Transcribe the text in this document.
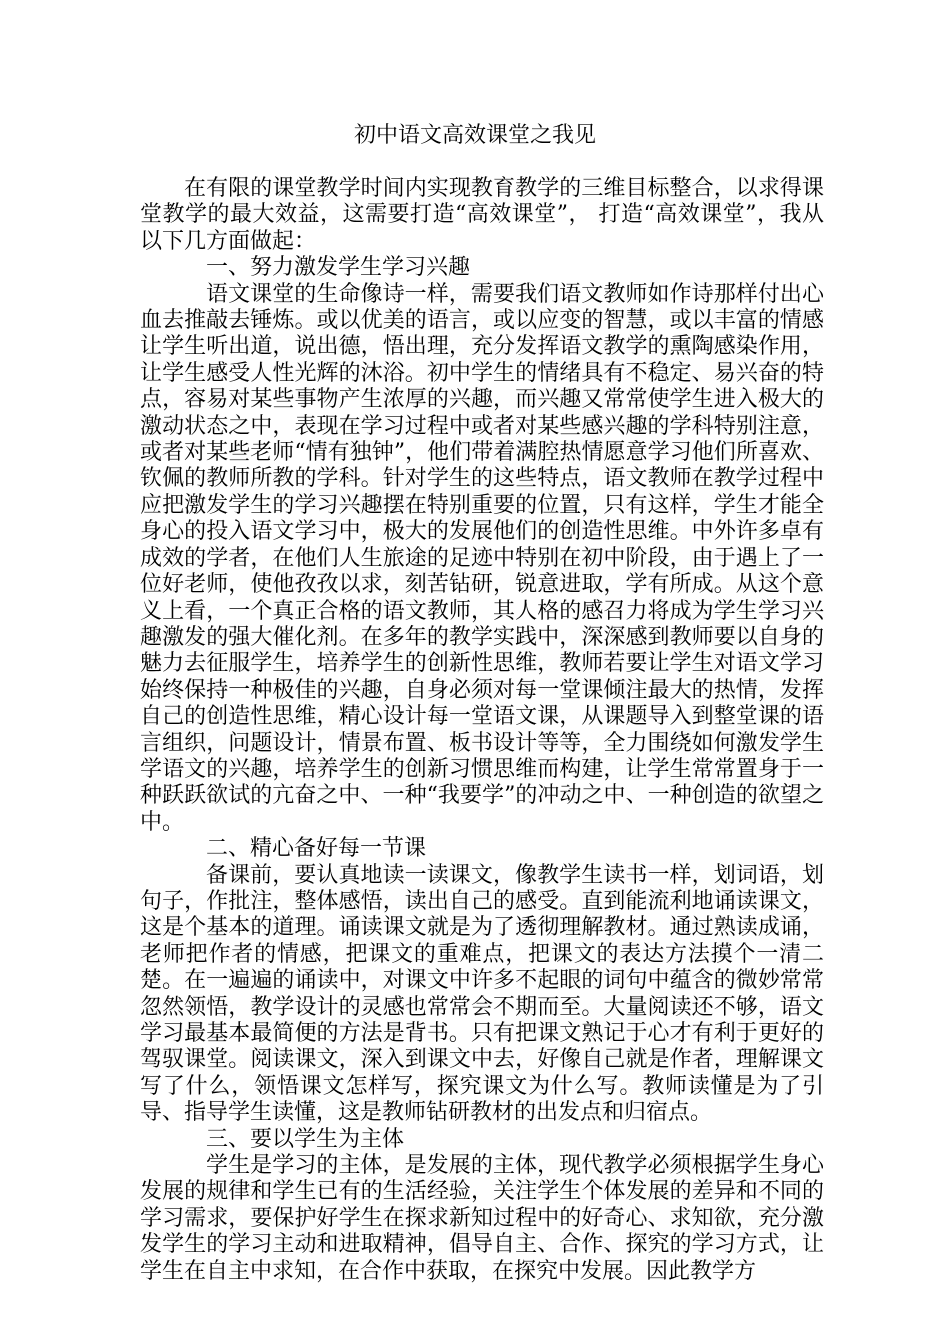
初中语文高效课堂之我见

在有限的课堂教学时间内实现教育教学的三维目标整合，以求得课堂教学的最大效益，这需要打造“高效课堂”， 打造“高效课堂”，我从以下几方面做起：

一、努力激发学生学习兴趣

语文课堂的生命像诗一样，需要我们语文教师如作诗那样付出心血去推敲去锤炼。或以优美的语言，或以应变的智慧，或以丰富的情感让学生听出道，说出德，悟出理，充分发挥语文教学的熏陶感染作用，让学生感受人性光辉的沐浴。初中学生的情绪具有不稳定、易兴奋的特点，容易对某些事物产生浓厚的兴趣，而兴趣又常常使学生进入极大的激动状态之中，表现在学习过程中或者对某些感兴趣的学科特别注意，或者对某些老师“情有独钟”，他们带着满腔热情愿意学习他们所喜欢、钦佩的教师所教的学科。针对学生的这些特点，语文教师在教学过程中应把激发学生的学习兴趣摆在特别重要的位置，只有这样，学生才能全身心的投入语文学习中，极大的发展他们的创造性思维。中外许多卓有成效的学者，在他们人生旅途的足迹中特别在初中阶段，由于遇上了一位好老师，使他孜孜以求，刻苦钻研，锐意进取，学有所成。从这个意义上看，一个真正合格的语文教师，其人格的感召力将成为学生学习兴趣激发的强大催化剂。在多年的教学实践中，深深感到教师要以自身的魅力去征服学生，培养学生的创新性思维，教师若要让学生对语文学习始终保持一种极佳的兴趣，自身必须对每一堂课倾注最大的热情，发挥自己的创造性思维，精心设计每一堂语文课，从课题导入到整堂课的语言组织，问题设计，情景布置、板书设计等等，全力围绕如何激发学生学语文的兴趣，培养学生的创新习惯思维而构建，让学生常常置身于一种跃跃欲试的亢奋之中、一种“我要学”的冲动之中、一种创造的欲望之中。

二、精心备好每一节课

备课前，要认真地读一读课文，像教学生读书一样，划词语，划句子，作批注，整体感悟，读出自己的感受。直到能流利地诵读课文，这是个基本的道理。诵读课文就是为了透彻理解教材。通过熟读成诵，老师把作者的情感，把课文的重难点，把课文的表达方法摸个一清二楚。在一遍遍的诵读中，对课文中许多不起眼的词句中蕴含的微妙常常忽然领悟，教学设计的灵感也常常会不期而至。大量阅读还不够，语文学习最基本最简便的方法是背书。只有把课文熟记于心才有利于更好的驾驭课堂。阅读课文，深入到课文中去，好像自己就是作者，理解课文写了什么，领悟课文怎样写，探究课文为什么写。教师读懂是为了引导、指导学生读懂，这是教师钻研教材的出发点和归宿点。

三、要以学生为主体

学生是学习的主体，是发展的主体，现代教学必须根据学生身心发展的规律和学生已有的生活经验，关注学生个体发展的差异和不同的学习需求，要保护好学生在探求新知过程中的好奇心、求知欲，充分激发学生的学习主动和进取精神，倡导自主、合作、探究的学习方式，让学生在自主中求知，在合作中获取，在探究中发展。因此教学方
